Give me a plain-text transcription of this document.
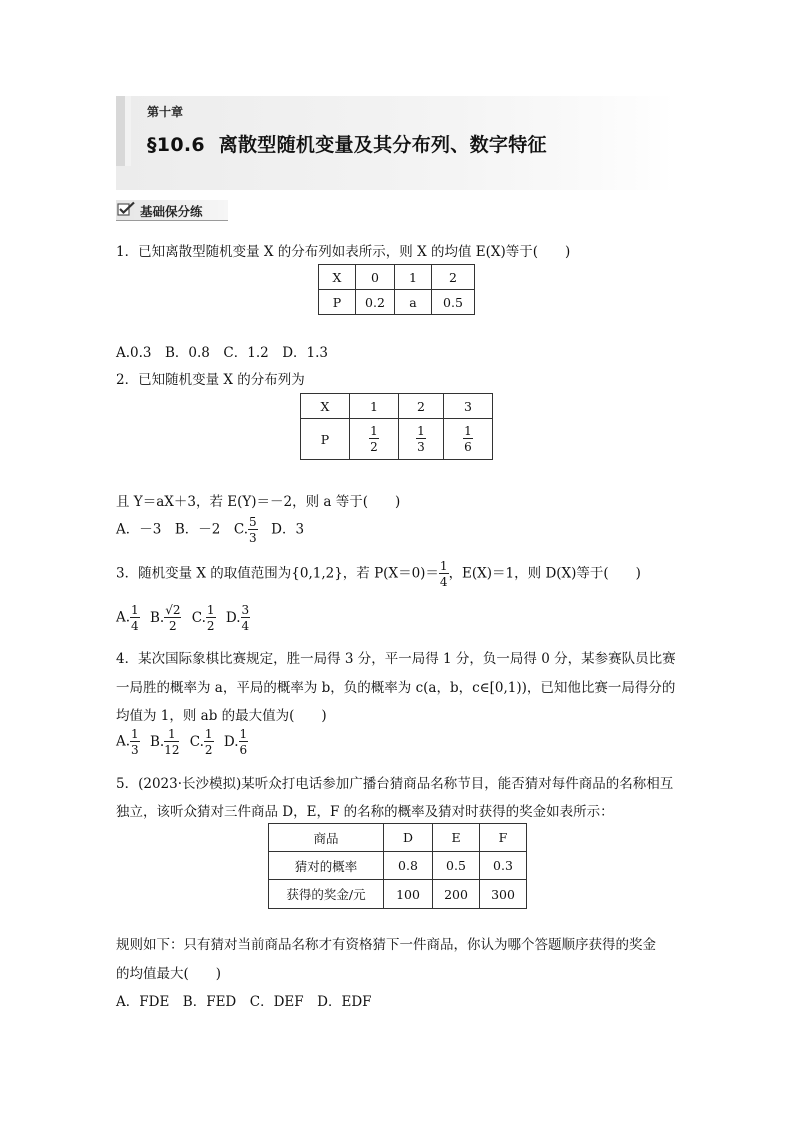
第十章
§10.6  离散型随机变量及其分布列、数字特征
基础保分练
1．已知离散型随机变量 X 的分布列如表所示，则 X 的均值 E(X)等于(　　)
X	0	1	2
P	0.2	a	0.5
A.0.3　B．0.8　C．1.2　D．1.3
2．已知随机变量 X 的分布列为
X	1	2	3
P	$\frac{1}{2}$	$\frac{1}{3}$	$\frac{1}{6}$
且 Y＝aX＋3，若 E(Y)＝－2，则 a 等于(　　)
A．－3　B．－2　C. $\frac{5}{3}$ 　D．3
3．随机变量 X 的取值范围为{0,1,2}，若 $P(X=0)= \frac{1}{4}$ ，E(X)＝1，则 D(X)等于(　　)
A. $\frac{1}{4} B$. $\frac{√2}{2} C$. $\frac{1}{2} D$. $\frac{3}{4}$
4．某次国际象棋比赛规定，胜一局得 3 分，平一局得 1 分，负一局得 0 分，某参赛队员比赛
一局胜的概率为 a，平局的概率为 b，负的概率为 c(a，b，c∈[0,1))，已知他比赛一局得分的
均值为 1，则 ab 的最大值为(　　)
A. $\frac{1}{3} B$. $\frac{1}{12} C$. $\frac{1}{2} D$. $\frac{1}{6}$
5．(2023·长沙模拟)某听众打电话参加广播台猜商品名称节目，能否猜对每件商品的名称相互
独立，该听众猜对三件商品 D，E，F 的名称的概率及猜对时获得的奖金如表所示：
商品	D	E	F
猜对的概率	0.8	0.5	0.3
获得的奖金/元	100	200	300
规则如下：只有猜对当前商品名称才有资格猜下一件商品，你认为哪个答题顺序获得的奖金
的均值最大(　　)
A．FDE　B．FED　C．DEF　D．EDF
